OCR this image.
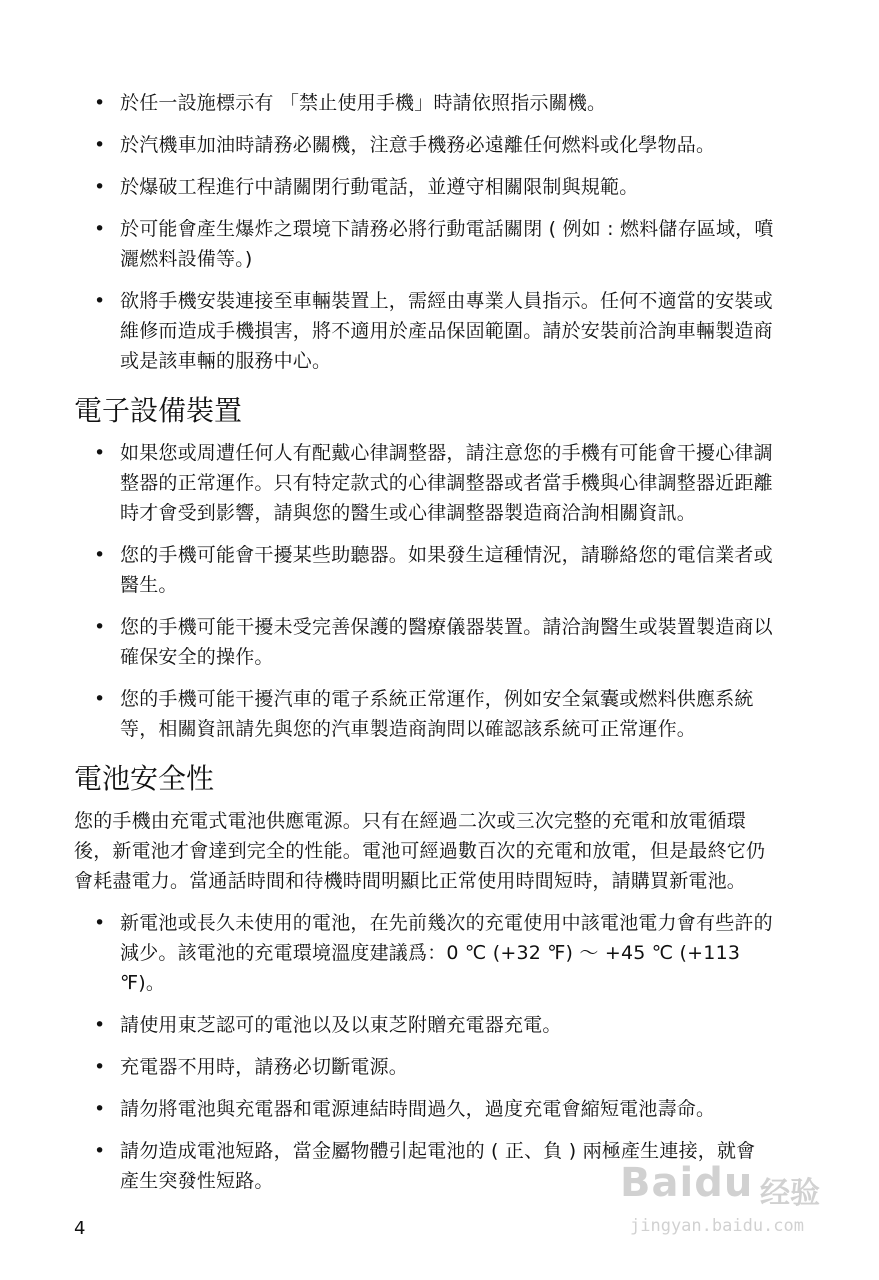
• 於任一設施標示有 「禁止使用手機」時請依照指示關機。
• 於汽機車加油時請務必關機，注意手機務必遠離任何燃料或化學物品。
• 於爆破工程進行中請關閉行動電話，並遵守相關限制與規範。
• 於可能會產生爆炸之環境下請務必將行動電話關閉 ( 例如 : 燃料儲存區域，噴灑燃料設備等。)
• 欲將手機安裝連接至車輛裝置上，需經由專業人員指示。任何不適當的安裝或維修而造成手機損害，將不適用於產品保固範圍。請於安裝前洽詢車輛製造商或是該車輛的服務中心。
電子設備裝置
• 如果您或周遭任何人有配戴心律調整器，請注意您的手機有可能會干擾心律調整器的正常運作。只有特定款式的心律調整器或者當手機與心律調整器近距離時才會受到影響，請與您的醫生或心律調整器製造商洽詢相關資訊。
• 您的手機可能會干擾某些助聽器。如果發生這種情況，請聯絡您的電信業者或醫生。
• 您的手機可能干擾未受完善保護的醫療儀器裝置。請洽詢醫生或裝置製造商以確保安全的操作。
• 您的手機可能干擾汽車的電子系統正常運作，例如安全氣囊或燃料供應系統等，相關資訊請先與您的汽車製造商詢問以確認該系統可正常運作。
電池安全性

您的手機由充電式電池供應電源。只有在經過二次或三次完整的充電和放電循環後，新電池才會達到完全的性能。電池可經過數百次的充電和放電，但是最終它仍會耗盡電力。當通話時間和待機時間明顯比正常使用時間短時，請購買新電池。

• 新電池或長久未使用的電池，在先前幾次的充電使用中該電池電力會有些許的減少。該電池的充電環境溫度建議爲：0 ℃ (+32 ℉) ～ +45 ℃ (+113 ℉)。
• 請使用東芝認可的電池以及以東芝附贈充電器充電。
• 充電器不用時，請務必切斷電源。
• 請勿將電池與充電器和電源連結時間過久，過度充電會縮短電池壽命。
• 請勿造成電池短路，當金屬物體引起電池的 ( 正、負 ) 兩極產生連接，就會產生突發性短路。
4
Baidu 经验
jingyan.baidu.com
